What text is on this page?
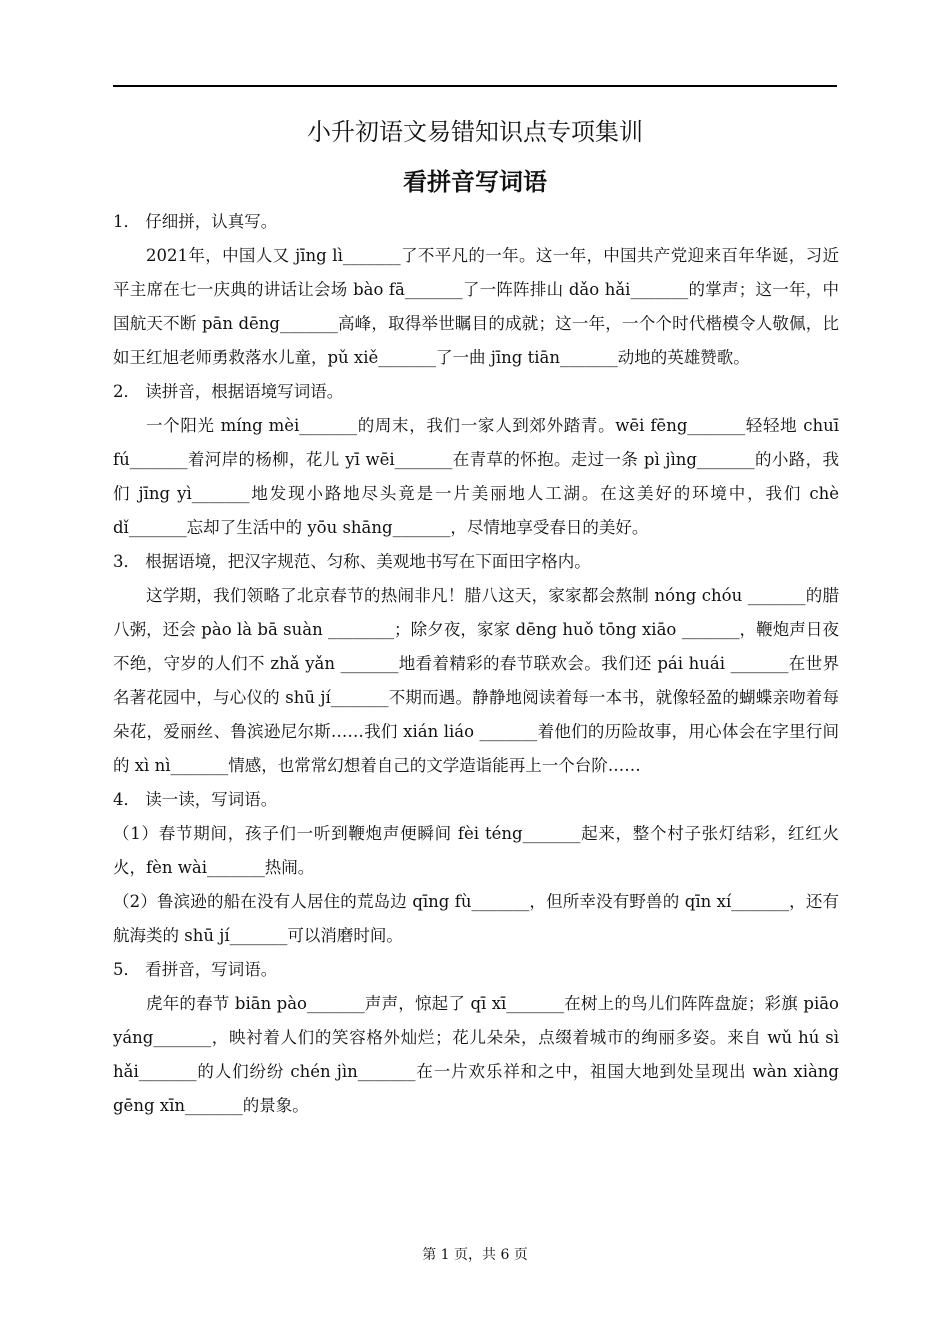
小升初语文易错知识点专项集训
看拼音写词语

1． 仔细拼，认真写。

2021年，中国人又 jīng lì_______了不平凡的一年。这一年，中国共产党迎来百年华诞，习近平主席在七一庆典的讲话让会场 bào fā_______了一阵阵排山 dǎo hǎi_______的掌声；这一年，中国航天不断 pān dēng_______高峰，取得举世瞩目的成就；这一年，一个个时代楷模令人敬佩，比如王红旭老师勇救落水儿童，pǔ xiě_______了一曲 jīng tiān_______动地的英雄赞歌。

2． 读拼音，根据语境写词语。

一个阳光 míng mèi_______的周末，我们一家人到郊外踏青。wēi fēng_______轻轻地 chuī fú_______着河岸的杨柳，花儿 yī wēi_______在青草的怀抱。走过一条 pì jìng_______的小路，我们 jīng yì_______地发现小路地尽头竟是一片美丽地人工湖。在这美好的环境中，我们 chè dǐ_______忘却了生活中的 yōu shāng_______，尽情地享受春日的美好。

3． 根据语境，把汉字规范、匀称、美观地书写在下面田字格内。

这学期，我们领略了北京春节的热闹非凡！腊八这天，家家都会熬制 nóng chóu _______的腊八粥，还会 pào là bā suàn ________；除夕夜，家家 dēng huǒ tōng xiāo _______，鞭炮声日夜不绝，守岁的人们不 zhǎ yǎn _______地看着精彩的春节联欢会。我们还 pái huái _______在世界名著花园中，与心仪的 shū jí_______不期而遇。静静地阅读着每一本书，就像轻盈的蝴蝶亲吻着每朵花，爱丽丝、鲁滨逊尼尔斯……我们 xián liáo _______着他们的历险故事，用心体会在字里行间的 xì nì_______情感，也常常幻想着自己的文学造诣能再上一个台阶……

4． 读一读，写词语。

（1）春节期间，孩子们一听到鞭炮声便瞬间 fèi téng_______起来，整个村子张灯结彩，红红火火，fèn wài_______热闹。

（2）鲁滨逊的船在没有人居住的荒岛边 qīng fù_______，但所幸没有野兽的 qīn xí_______，还有航海类的 shū jí_______可以消磨时间。

5． 看拼音，写词语。

虎年的春节 biān pào_______声声，惊起了 qī xī_______在树上的鸟儿们阵阵盘旋；彩旗 piāo yáng_______，映衬着人们的笑容格外灿烂；花儿朵朵，点缀着城市的绚丽多姿。来自 wǔ hú sì hǎi_______的人们纷纷 chén jìn_______在一片欢乐祥和之中，祖国大地到处呈现出 wàn xiàng gēng xīn_______的景象。

第 1 页，共 6 页
